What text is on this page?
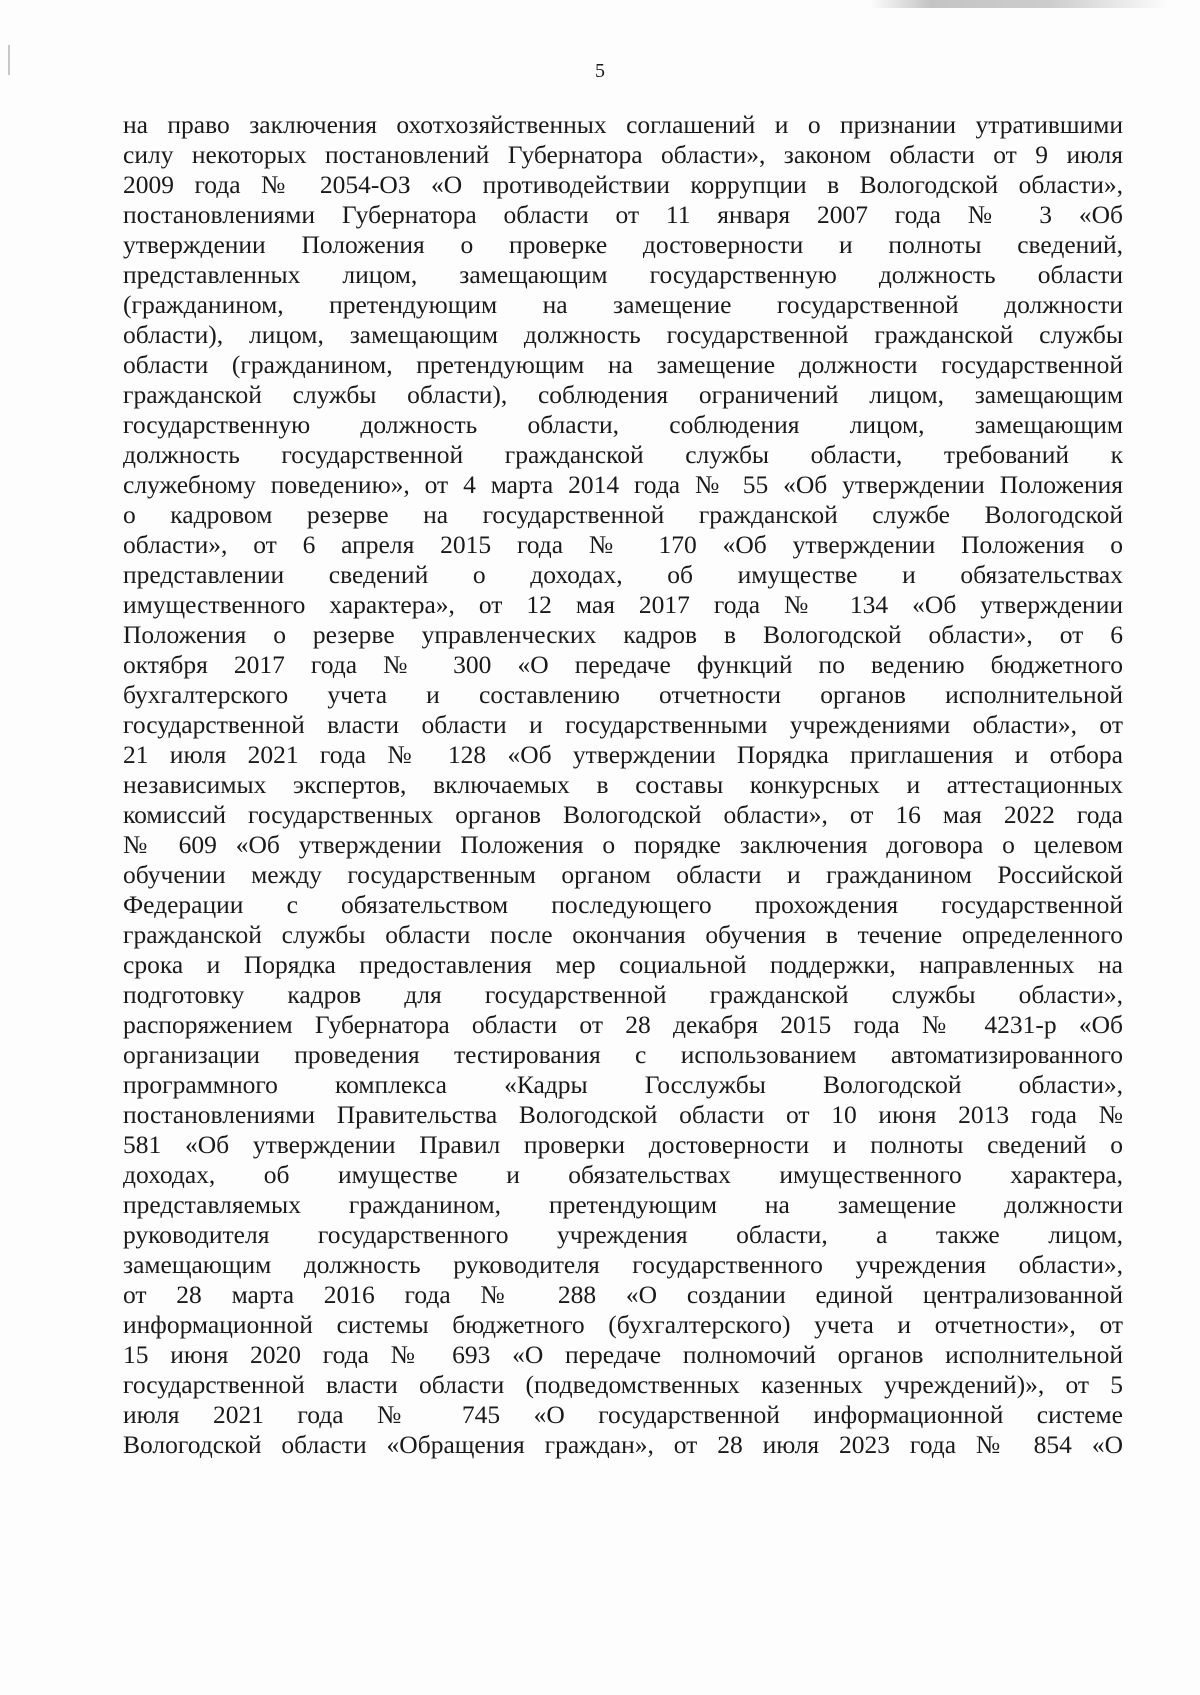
5
на право заключения охотхозяйственных соглашений и о признании утратившими
силу некоторых постановлений Губернатора области», законом области от 9 июля
2009 года № 2054-ОЗ «О противодействии коррупции в Вологодской области»,
постановлениями Губернатора области от 11 января 2007 года № 3 «Об
утверждении Положения о проверке достоверности и полноты сведений,
представленных лицом, замещающим государственную должность области
(гражданином, претендующим на замещение государственной должности
области), лицом, замещающим должность государственной гражданской службы
области (гражданином, претендующим на замещение должности государственной
гражданской службы области), соблюдения ограничений лицом, замещающим
государственную должность области, соблюдения лицом, замещающим
должность государственной гражданской службы области, требований к
служебному поведению», от 4 марта 2014 года № 55 «Об утверждении Положения
о кадровом резерве на государственной гражданской службе Вологодской
области», от 6 апреля 2015 года № 170 «Об утверждении Положения о
представлении сведений о доходах, об имуществе и обязательствах
имущественного характера», от 12 мая 2017 года № 134 «Об утверждении
Положения о резерве управленческих кадров в Вологодской области», от 6
октября 2017 года № 300 «О передаче функций по ведению бюджетного
бухгалтерского учета и составлению отчетности органов исполнительной
государственной власти области и государственными учреждениями области», от
21 июля 2021 года № 128 «Об утверждении Порядка приглашения и отбора
независимых экспертов, включаемых в составы конкурсных и аттестационных
комиссий государственных органов Вологодской области», от 16 мая 2022 года
№ 609 «Об утверждении Положения о порядке заключения договора о целевом
обучении между государственным органом области и гражданином Российской
Федерации с обязательством последующего прохождения государственной
гражданской службы области после окончания обучения в течение определенного
срока и Порядка предоставления мер социальной поддержки, направленных на
подготовку кадров для государственной гражданской службы области»,
распоряжением Губернатора области от 28 декабря 2015 года № 4231-р «Об
организации проведения тестирования с использованием автоматизированного
программного комплекса «Кадры Госслужбы Вологодской области»,
постановлениями Правительства Вологодской области от 10 июня 2013 года №
581 «Об утверждении Правил проверки достоверности и полноты сведений о
доходах, об имуществе и обязательствах имущественного характера,
представляемых гражданином, претендующим на замещение должности
руководителя государственного учреждения области, а также лицом,
замещающим должность руководителя государственного учреждения области»,
от 28 марта 2016 года № 288 «О создании единой централизованной
информационной системы бюджетного (бухгалтерского) учета и отчетности», от
15 июня 2020 года № 693 «О передаче полномочий органов исполнительной
государственной власти области (подведомственных казенных учреждений)», от 5
июля 2021 года № 745 «О государственной информационной системе
Вологодской области «Обращения граждан», от 28 июля 2023 года № 854 «О
